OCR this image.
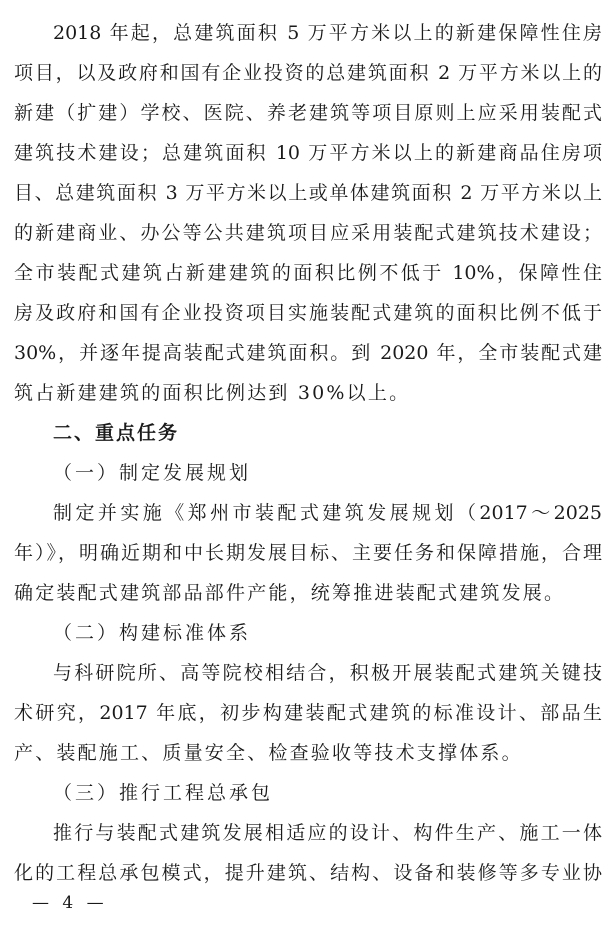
2018 年起，总建筑面积 5 万平方米以上的新建保障性住房
项目，以及政府和国有企业投资的总建筑面积 2 万平方米以上的
新建（扩建）学校、医院、养老建筑等项目原则上应采用装配式
建筑技术建设；总建筑面积 10 万平方米以上的新建商品住房项
目、总建筑面积 3 万平方米以上或单体建筑面积 2 万平方米以上
的新建商业、办公等公共建筑项目应采用装配式建筑技术建设；
全市装配式建筑占新建建筑的面积比例不低于 10%，保障性住
房及政府和国有企业投资项目实施装配式建筑的面积比例不低于
30%，并逐年提高装配式建筑面积。到 2020 年，全市装配式建
筑占新建建筑的面积比例达到 30%以上。
二、重点任务
（一）制定发展规划
制定并实施《郑州市装配式建筑发展规划（2017～2025
年）》，明确近期和中长期发展目标、主要任务和保障措施，合理
确定装配式建筑部品部件产能，统筹推进装配式建筑发展。
（二）构建标准体系
与科研院所、高等院校相结合，积极开展装配式建筑关键技
术研究，2017 年底，初步构建装配式建筑的标准设计、部品生
产、装配施工、质量安全、检查验收等技术支撑体系。
（三）推行工程总承包
推行与装配式建筑发展相适应的设计、构件生产、施工一体
化的工程总承包模式，提升建筑、结构、设备和装修等多专业协
— 4 —
